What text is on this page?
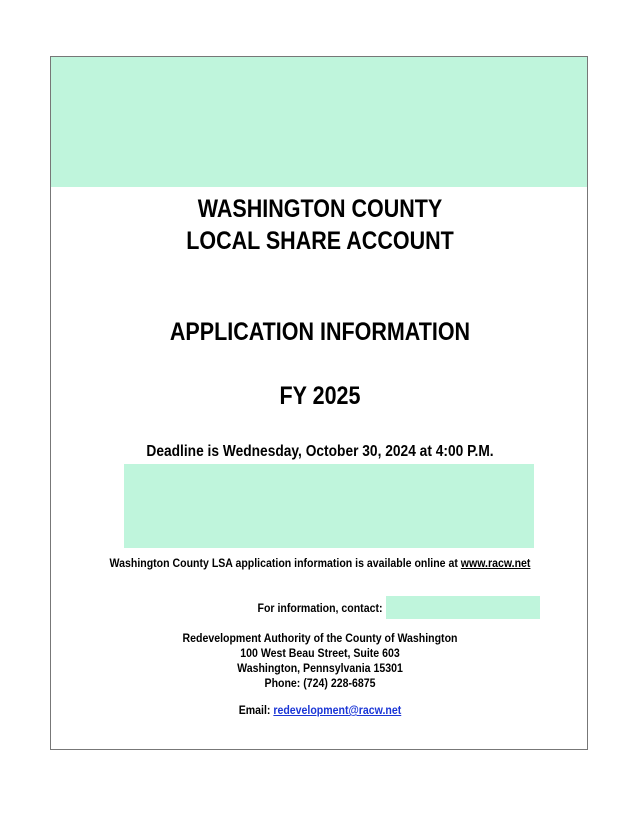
WASHINGTON COUNTY
LOCAL SHARE ACCOUNT
APPLICATION INFORMATION
FY 2025
Deadline is Wednesday, October 30, 2024 at 4:00 P.M.
Washington County LSA application information is available online at www.racw.net
For information, contact:
Redevelopment Authority of the County of Washington
100 West Beau Street, Suite 603
Washington, Pennsylvania 15301
Phone: (724) 228-6875
Email: redevelopment@racw.net
